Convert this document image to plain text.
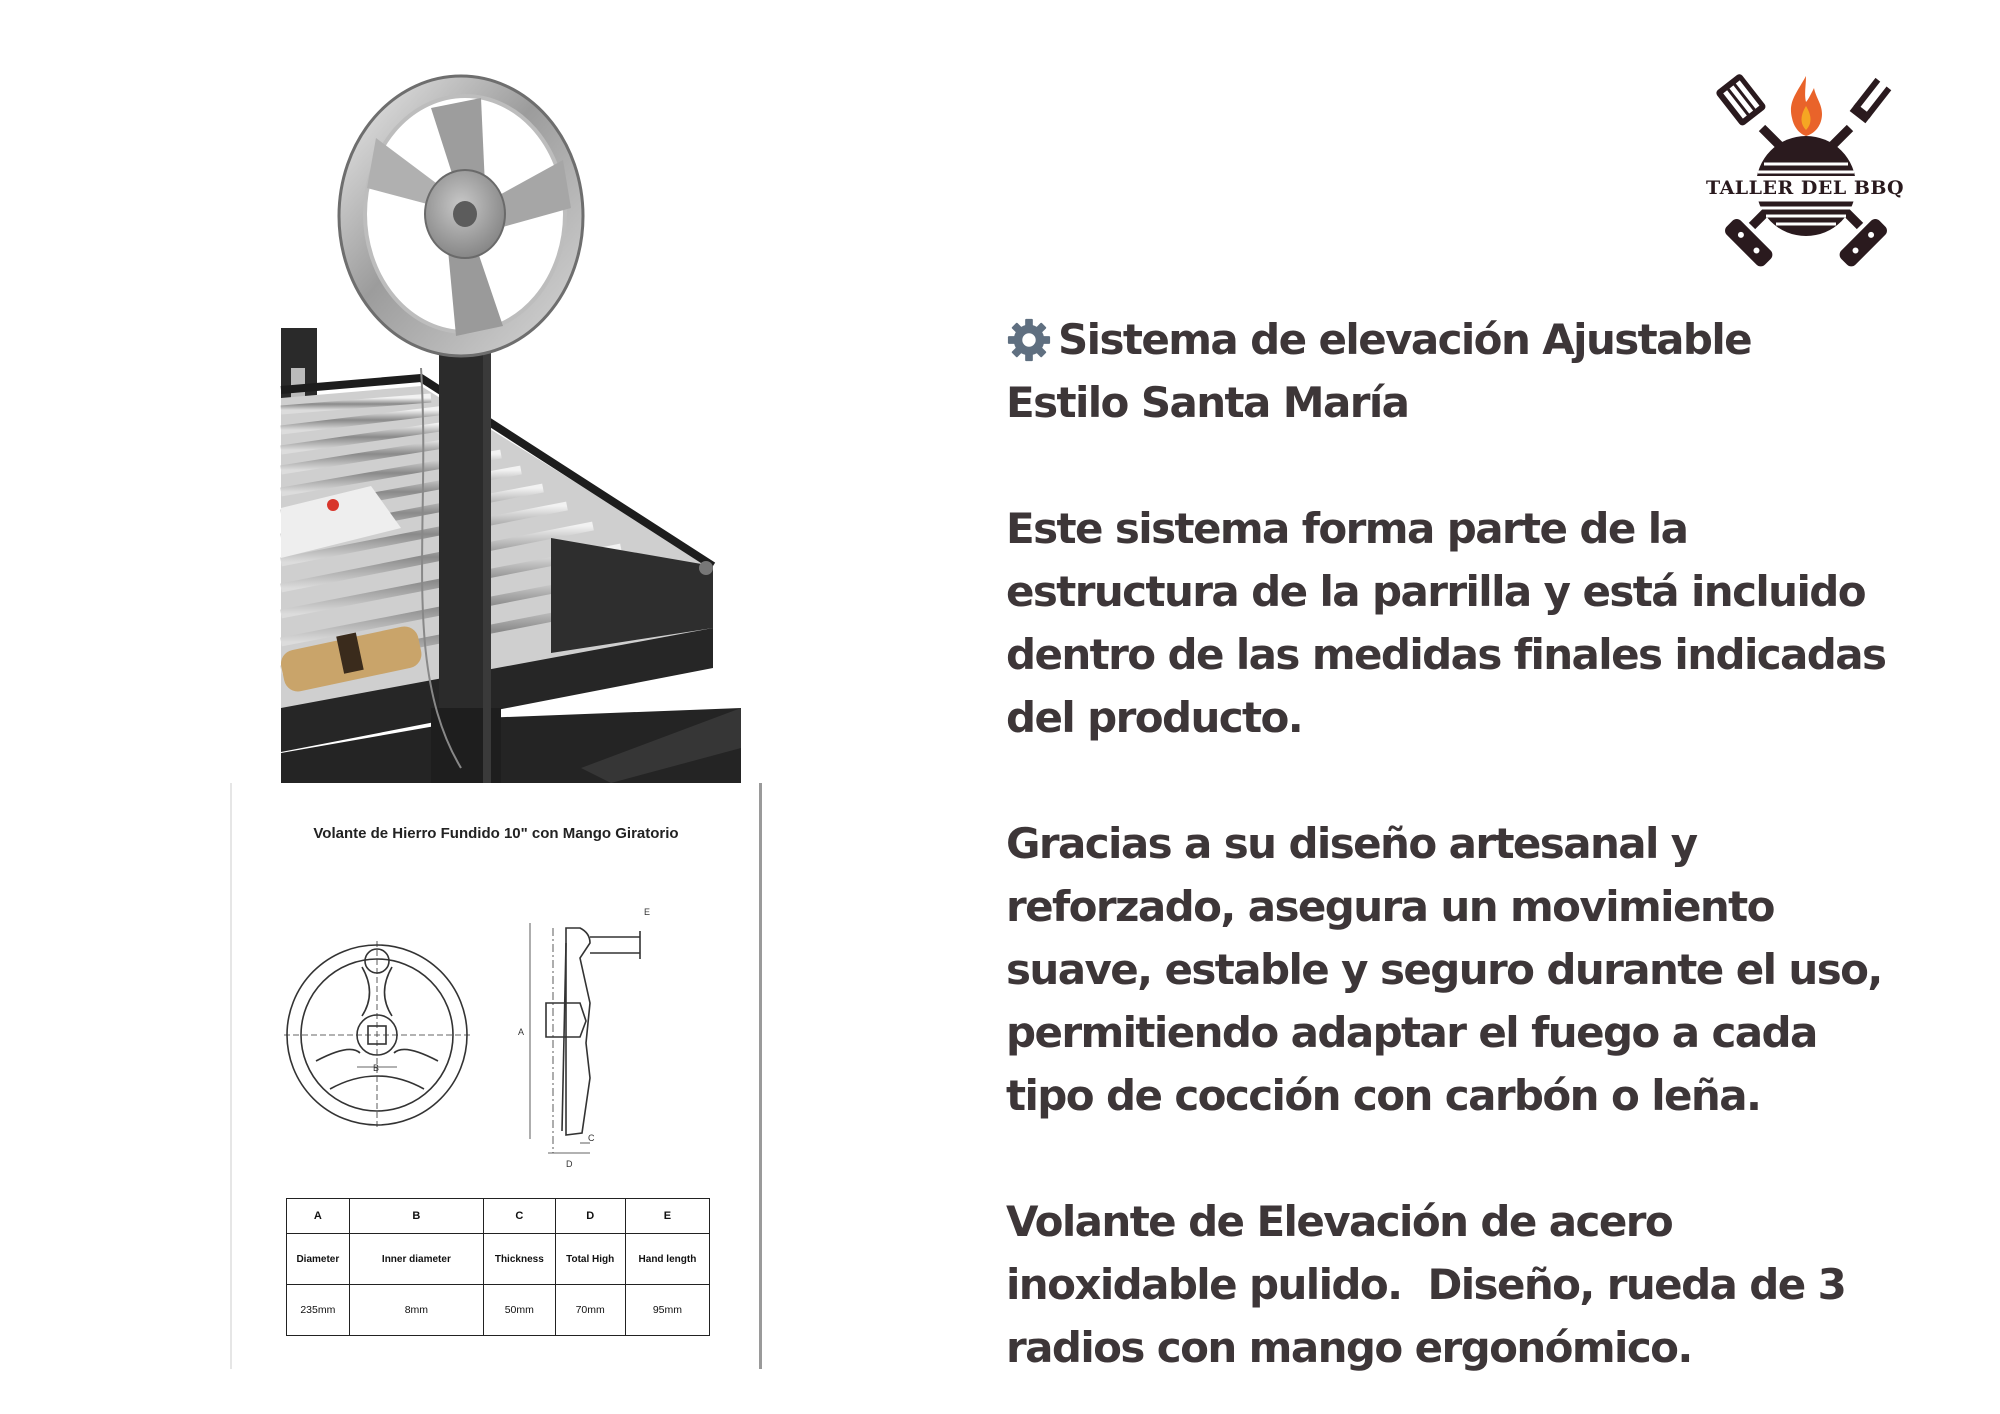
Volante de Hierro Fundido 10" con Mango Giratorio
B
A
C
D
E
A	B	C	D	E
Diameter	Inner diameter	Thickness	Total High	Hand length
235mm	8mm	50mm	70mm	95mm
TALLER DEL BBQ
Sistema de elevación Ajustable
Estilo Santa María
Este sistema forma parte de la
estructura de la parrilla y está incluido
dentro de las medidas finales indicadas
del producto.
Gracias a su diseño artesanal y
reforzado, asegura un movimiento
suave, estable y seguro durante el uso,
permitiendo adaptar el fuego a cada
tipo de cocción con carbón o leña.
Volante de Elevación de acero
inoxidable pulido.  Diseño, rueda de 3
radios con mango ergonómico.
